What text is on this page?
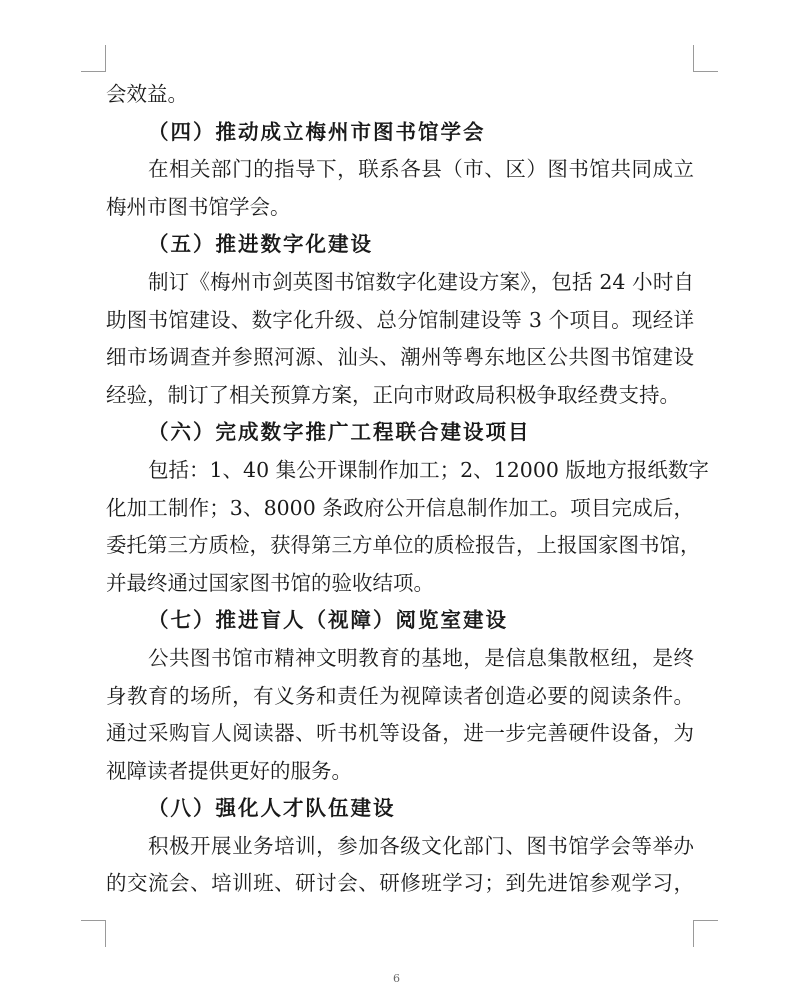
会效益。
（四）推动成立梅州市图书馆学会
在相关部门的指导下，联系各县（市、区）图书馆共同成立
梅州市图书馆学会。
（五）推进数字化建设
制订《梅州市剑英图书馆数字化建设方案》，包括 24 小时自
助图书馆建设、数字化升级、总分馆制建设等 3 个项目。现经详
细市场调查并参照河源、汕头、潮州等粤东地区公共图书馆建设
经验，制订了相关预算方案，正向市财政局积极争取经费支持。
（六）完成数字推广工程联合建设项目
包括：1、40 集公开课制作加工；2、12000 版地方报纸数字
化加工制作；3、8000 条政府公开信息制作加工。项目完成后，
委托第三方质检，获得第三方单位的质检报告，上报国家图书馆，
并最终通过国家图书馆的验收结项。
（七）推进盲人（视障）阅览室建设
公共图书馆市精神文明教育的基地，是信息集散枢纽，是终
身教育的场所，有义务和责任为视障读者创造必要的阅读条件。
通过采购盲人阅读器、听书机等设备，进一步完善硬件设备，为
视障读者提供更好的服务。
（八）强化人才队伍建设
积极开展业务培训，参加各级文化部门、图书馆学会等举办
的交流会、培训班、研讨会、研修班学习；到先进馆参观学习，
6
